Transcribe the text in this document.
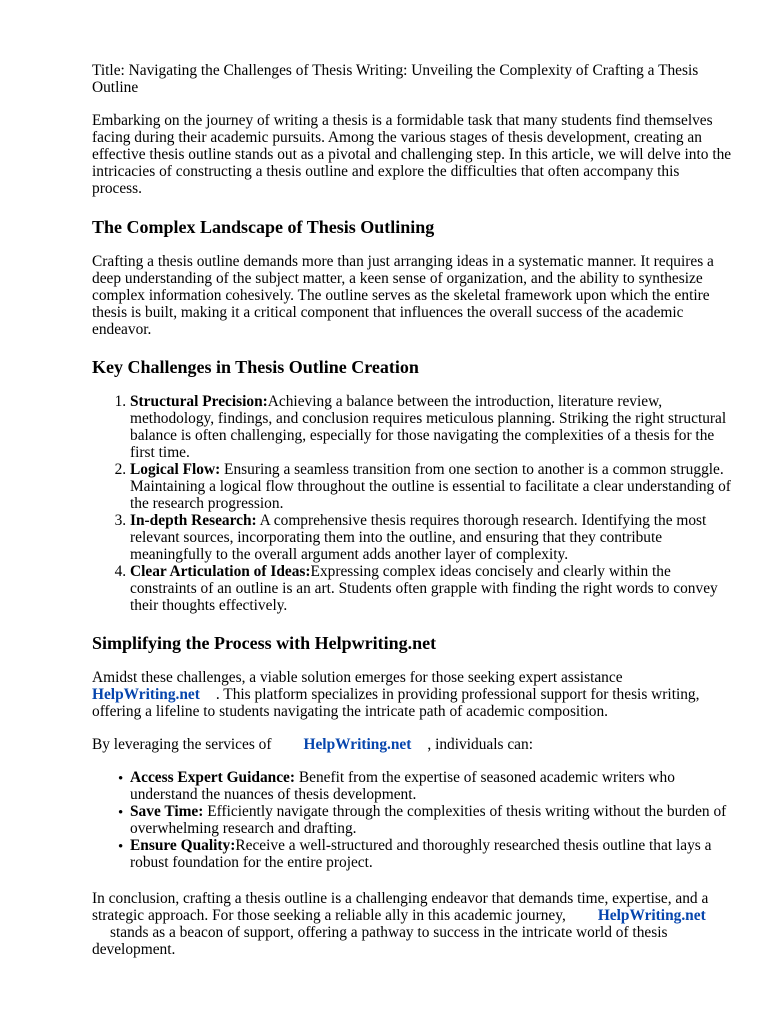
Title: Navigating the Challenges of Thesis Writing: Unveiling the Complexity of Crafting a Thesis Outline

Embarking on the journey of writing a thesis is a formidable task that many students find themselves facing during their academic pursuits. Among the various stages of thesis development, creating an effective thesis outline stands out as a pivotal and challenging step. In this article, we will delve into the intricacies of constructing a thesis outline and explore the difficulties that often accompany this process.

The Complex Landscape of Thesis Outlining

Crafting a thesis outline demands more than just arranging ideas in a systematic manner. It requires a deep understanding of the subject matter, a keen sense of organization, and the ability to synthesize complex information cohesively. The outline serves as the skeletal framework upon which the entire thesis is built, making it a critical component that influences the overall success of the academic endeavor.

Key Challenges in Thesis Outline Creation
1. Structural Precision:Achieving a balance between the introduction, literature review, methodology, findings, and conclusion requires meticulous planning. Striking the right structural balance is often challenging, especially for those navigating the complexities of a thesis for the first time.
2. Logical Flow: Ensuring a seamless transition from one section to another is a common struggle. Maintaining a logical flow throughout the outline is essential to facilitate a clear understanding of the research progression.
3. In-depth Research: A comprehensive thesis requires thorough research. Identifying the most relevant sources, incorporating them into the outline, and ensuring that they contribute meaningfully to the overall argument adds another layer of complexity.
4. Clear Articulation of Ideas:Expressing complex ideas concisely and clearly within the constraints of an outline is an art. Students often grapple with finding the right words to convey their thoughts effectively.
Simplifying the Process with Helpwriting.net

Amidst these challenges, a viable solution emerges for those seeking expert assistance
HelpWriting.net . This platform specializes in providing professional support for thesis writing, offering a lifeline to students navigating the intricate path of academic composition.

By leveraging the services of HelpWriting.net , individuals can:

• Access Expert Guidance: Benefit from the expertise of seasoned academic writers who understand the nuances of thesis development.
• Save Time: Efficiently navigate through the complexities of thesis writing without the burden of overwhelming research and drafting.
• Ensure Quality:Receive a well-structured and thoroughly researched thesis outline that lays a robust foundation for the entire project.

In conclusion, crafting a thesis outline is a challenging endeavor that demands time, expertise, and a strategic approach. For those seeking a reliable ally in this academic journey, HelpWriting.net
stands as a beacon of support, offering a pathway to success in the intricate world of thesis development.
